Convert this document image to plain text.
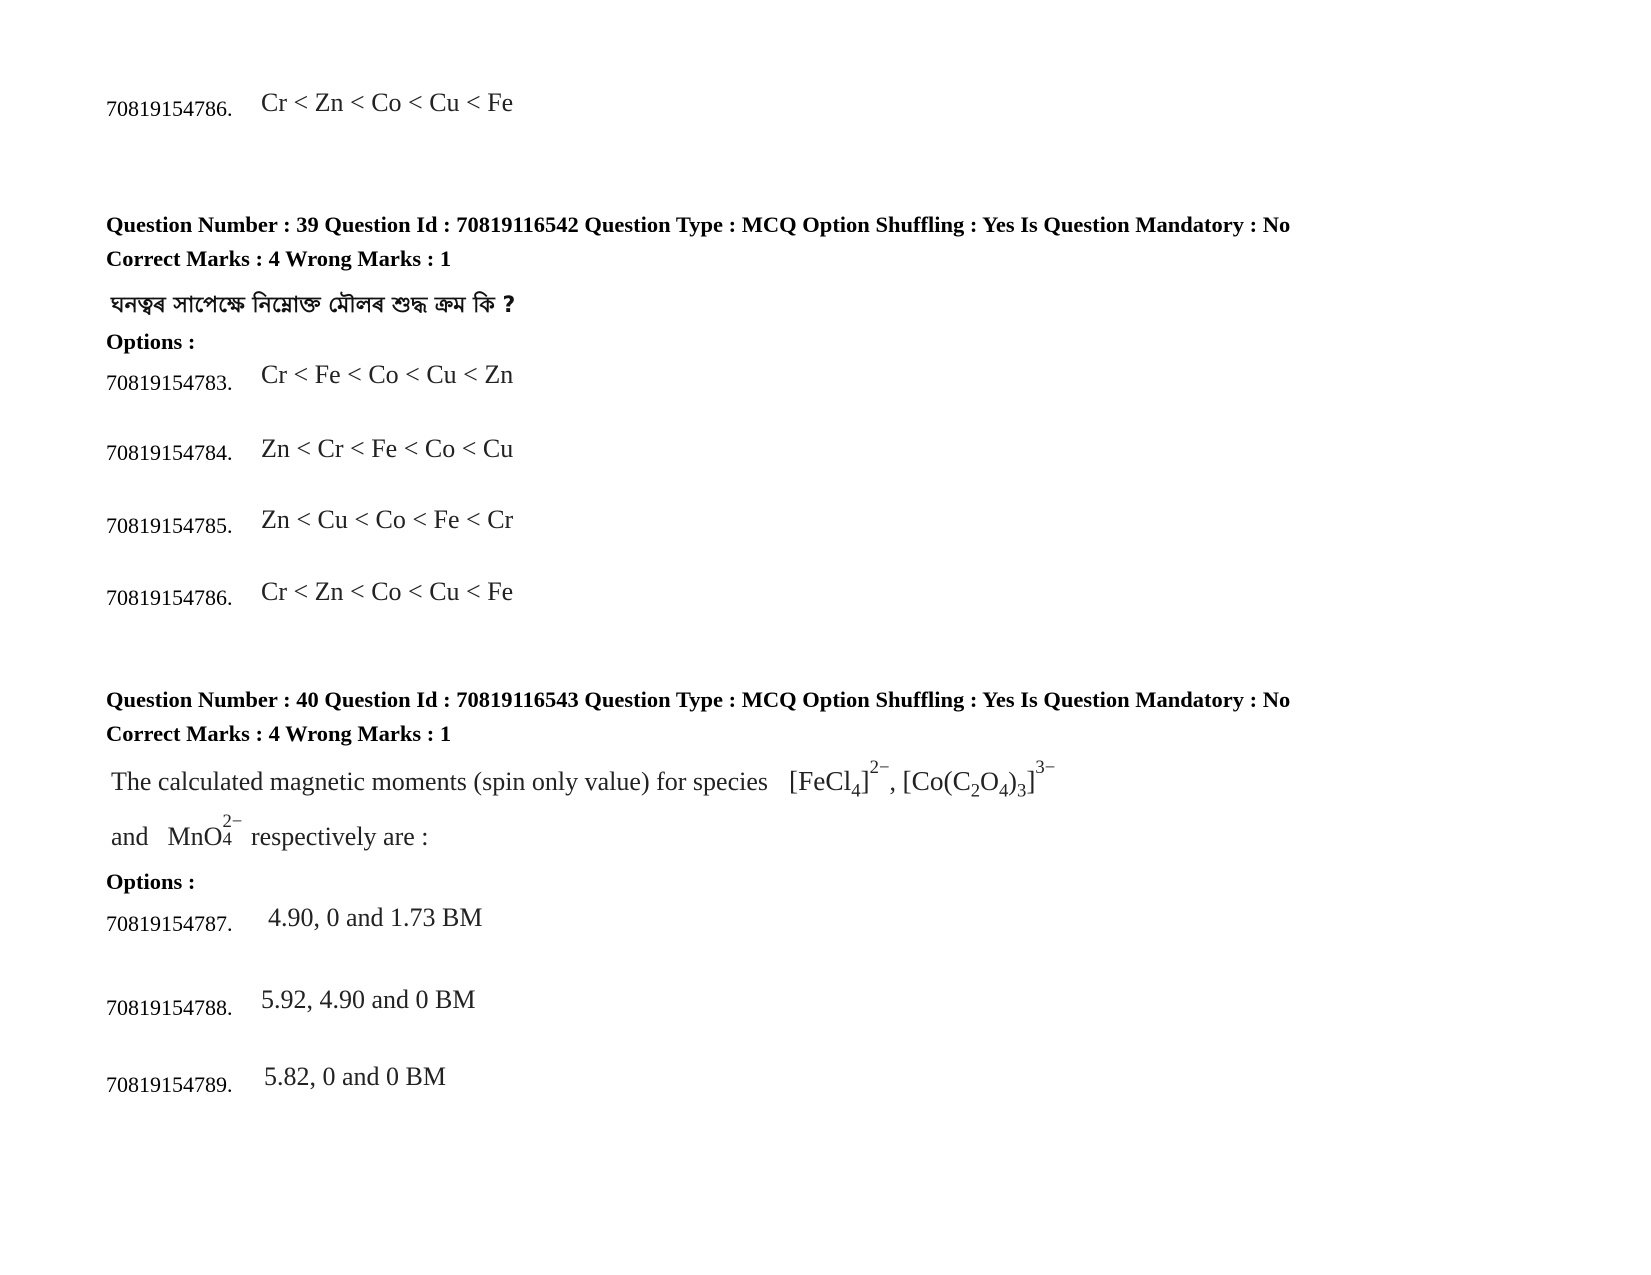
70819154786. Cr < Zn < Co < Cu < Fe
Question Number : 39 Question Id : 70819116542 Question Type : MCQ Option Shuffling : Yes Is Question Mandatory : No
Correct Marks : 4 Wrong Marks : 1
ঘনত্বৰ সাপেক্ষে নিম্নোক্ত মৌলৰ শুদ্ধ ক্ৰম কি ?
Options :
70819154783. Cr < Fe < Co < Cu < Zn
70819154784. Zn < Cr < Fe < Co < Cu
70819154785. Zn < Cu < Co < Fe < Cr
70819154786. Cr < Zn < Co < Cu < Fe
Question Number : 40 Question Id : 70819116543 Question Type : MCQ Option Shuffling : Yes Is Question Mandatory : No
Correct Marks : 4 Wrong Marks : 1
The calculated magnetic moments (spin only value) for species [FeCl$_4$]$^{2-}$, $[Co(C_2O_4)_3]^{3-}$
and MnO
2−
4 respectively are :
Options :
70819154787. 4.90, 0 and 1.73 BM
70819154788. 5.92, 4.90 and 0 BM
70819154789. 5.82, 0 and 0 BM
